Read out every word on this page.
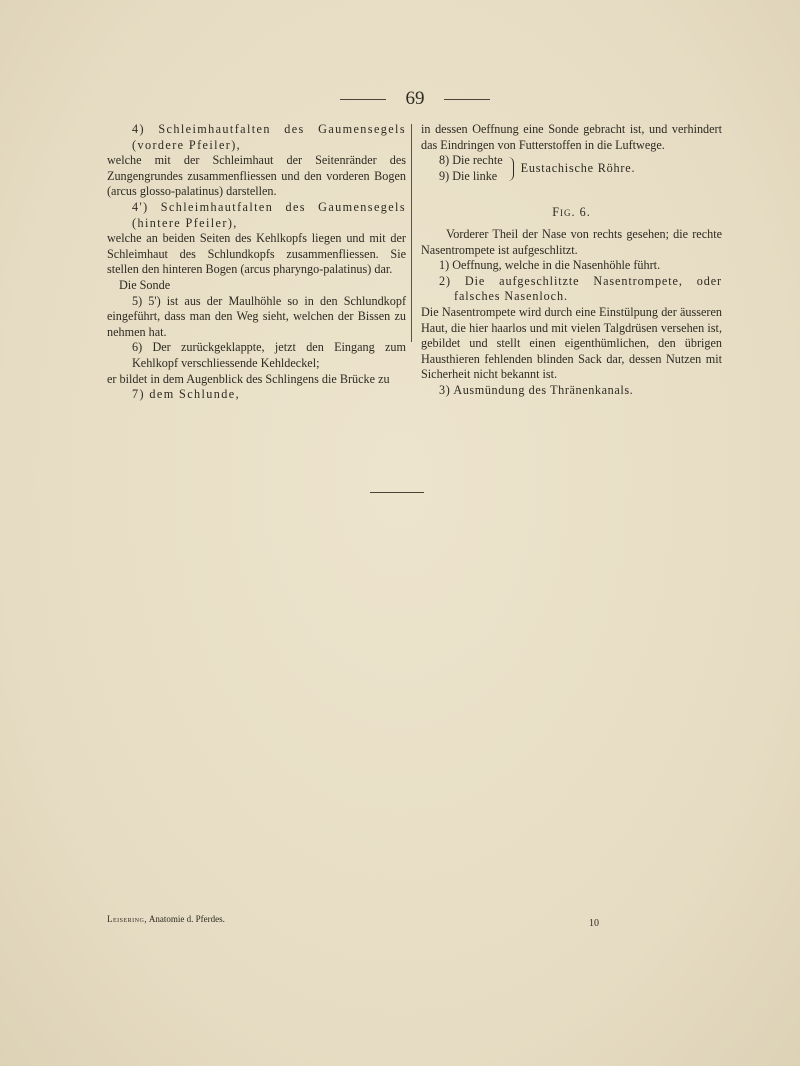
69

4) Schleimhautfalten des Gaumensegels (vordere Pfeiler),

welche mit der Schleimhaut der Seitenränder des Zungengrundes zusammenfliessen und den vorderen Bogen (arcus glosso-palatinus) darstellen.

4') Schleimhautfalten des Gaumensegels (hintere Pfeiler),

welche an beiden Seiten des Kehlkopfs liegen und mit der Schleimhaut des Schlundkopfs zusammenfliessen. Sie stellen den hinteren Bogen (arcus pharyngo-palatinus) dar.

Die Sonde

5) 5') ist aus der Maulhöhle so in den Schlundkopf eingeführt, dass man den Weg sieht, welchen der Bissen zu nehmen hat.

6) Der zurückgeklappte, jetzt den Eingang zum Kehlkopf verschliessende Kehldeckel;

er bildet in dem Augenblick des Schlingens die Brücke zu

7) dem Schlunde,

in dessen Oeffnung eine Sonde gebracht ist, und verhindert das Eindringen von Futterstoffen in die Luftwege.

8) Die rechte
9) Die linke
Eustachische Röhre.

Fig. 6.

Vorderer Theil der Nase von rechts gesehen; die rechte Nasentrompete ist aufgeschlitzt.

1) Oeffnung, welche in die Nasenhöhle führt.

2) Die aufgeschlitzte Nasentrompete, oder falsches Nasenloch.

Die Nasentrompete wird durch eine Einstülpung der äusseren Haut, die hier haarlos und mit vielen Talgdrüsen versehen ist, gebildet und stellt einen eigenthümlichen, den übrigen Hausthieren fehlenden blinden Sack dar, dessen Nutzen mit Sicherheit nicht bekannt ist.

3) Ausmündung des Thränenkanals.

Leisering, Anatomie d. Pferdes.	10
